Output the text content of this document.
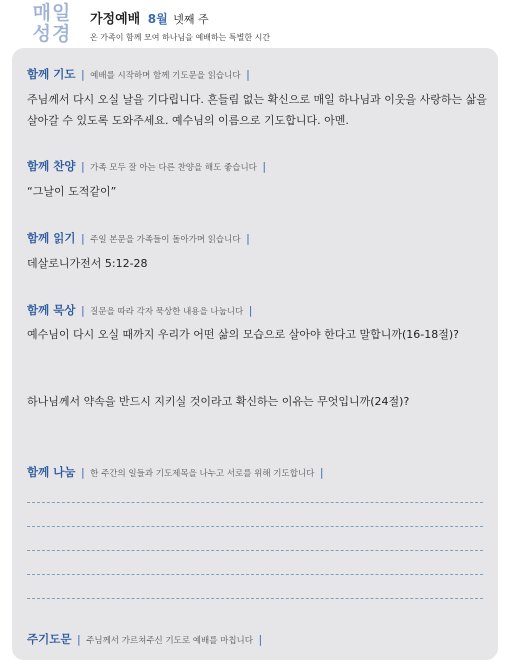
매일
성경
가정예배 8월 넷째 주
온 가족이 함께 모여 하나님을 예배하는 특별한 시간
함께 기도 | 예배를 시작하며 함께 기도문을 읽습니다 |
주님께서 다시 오실 날을 기다립니다. 흔들림 없는 확신으로 매일 하나님과 이웃을 사랑하는 삶을 살아갈 수 있도록 도와주세요. 예수님의 이름으로 기도합니다. 아멘.
함께 찬양 | 가족 모두 잘 아는 다른 찬양을 해도 좋습니다 |
“그날이 도적같이”
함께 읽기 | 주일 본문을 가족들이 돌아가며 읽습니다 |
데살로니가전서 5:12-28
함께 묵상 | 질문을 따라 각자 묵상한 내용을 나눕니다 |
예수님이 다시 오실 때까지 우리가 어떤 삶의 모습으로 살아야 한다고 말합니까(16-18절)?
하나님께서 약속을 반드시 지키실 것이라고 확신하는 이유는 무엇입니까(24절)?
함께 나눔 | 한 주간의 일들과 기도제목을 나누고 서로를 위해 기도합니다 |
주기도문 | 주님께서 가르쳐주신 기도로 예배를 마칩니다 |
